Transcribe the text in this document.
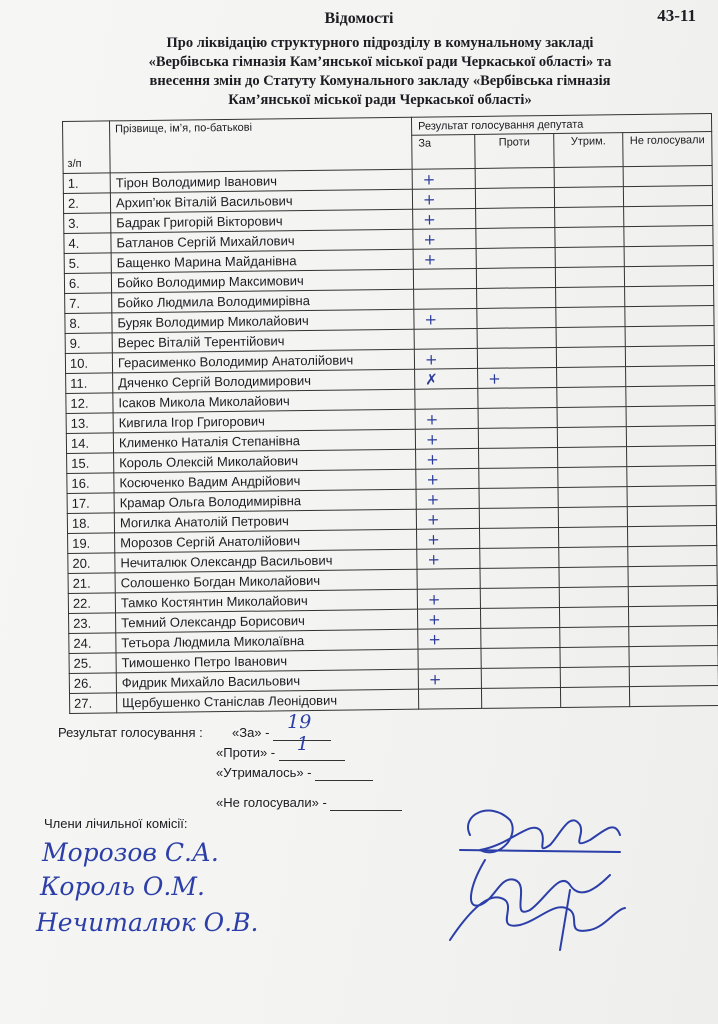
Відомості	43-11
Про ліквідацію структурного підрозділу в комунальному закладі
«Вербівська гімназія Кам’янської міської ради Черкаської області» та
внесення змін до Статуту Комунального закладу «Вербівська гімназія
Кам’янської міської ради Черкаської області»
з/п	Прізвище, ім’я, по-батькові	Результат голосування депутата			
		За	Проти	Утрим.	Не голосували
1.	Тірон Володимир Іванович	+			
2.	Архип’юк Віталій Васильович	+			
3.	Бадрак Григорій Вікторович	+			
4.	Батланов Сергій Михайлович	+			
5.	Бащенко Марина Майданівна	+			
6.	Бойко Володимир Максимович				
7.	Бойко Людмила Володимирівна				
8.	Буряк Володимир Миколайович	+			
9.	Верес Віталій Терентійович				
10.	Герасименко Володимир Анатолійович	+			
11.	Дяченко Сергій Володимирович	✗	+		
12.	Ісаков Микола Миколайович				
13.	Кивгила Ігор Григорович	+			
14.	Клименко Наталія Степанівна	+			
15.	Король Олексій Миколайович	+			
16.	Косюченко Вадим Андрійович	+			
17.	Крамар Ольга Володимирівна	+			
18.	Могилка Анатолій Петрович	+			
19.	Морозов Сергій Анатолійович	+			
20.	Нечиталюк Олександр Васильович	+			
21.	Солошенко Богдан Миколайович				
22.	Тамко Костянтин Миколайович	+			
23.	Темний Олександр Борисович	+			
24.	Тетьора Людмила Миколаївна	+			
25.	Тимошенко Петро Іванович				
26.	Фидрик Михайло Васильович	+			
27.	Щербушенко Станіслав Леонідович				
Результат голосування : «За» - 19

«Проти» - 1

«Утрималось» -
«Не голосували» -
Члени лічильної комісії:
Морозов С.А.
Король О.М.
Нечиталюк О.В.
